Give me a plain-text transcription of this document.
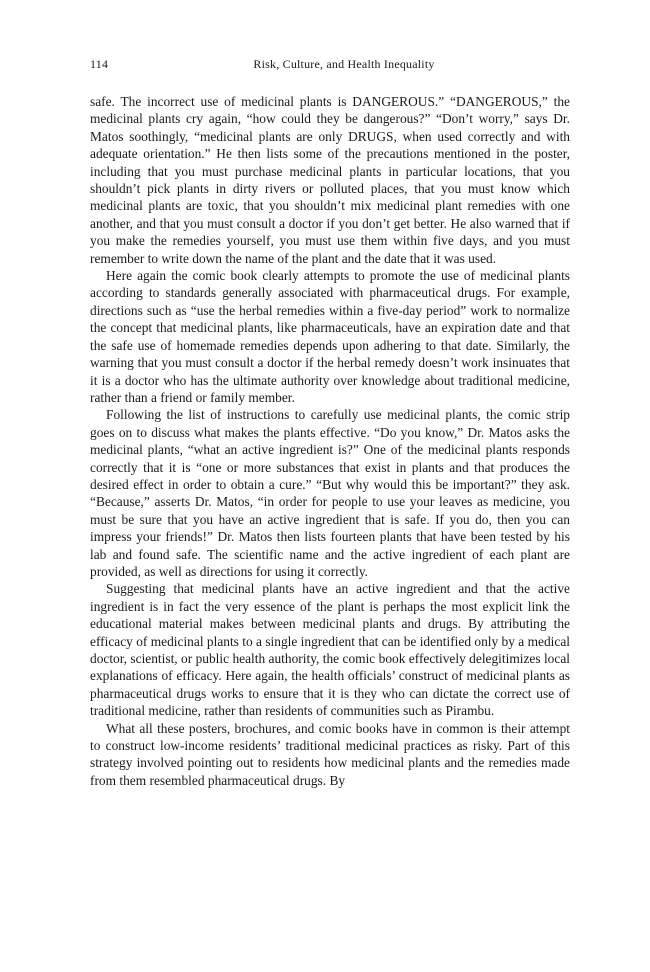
114	Risk, Culture, and Health Inequality

safe. The incorrect use of medicinal plants is DANGEROUS.” “DANGEROUS,” the medicinal plants cry again, “how could they be dangerous?” “Don’t worry,” says Dr. Matos soothingly, “medicinal plants are only DRUGS, when used correctly and with adequate orientation.” He then lists some of the precautions mentioned in the poster, including that you must purchase medicinal plants in particular locations, that you shouldn’t pick plants in dirty rivers or polluted places, that you must know which medicinal plants are toxic, that you shouldn’t mix medicinal plant remedies with one another, and that you must consult a doctor if you don’t get better. He also warned that if you make the remedies yourself, you must use them within five days, and you must remember to write down the name of the plant and the date that it was used.

Here again the comic book clearly attempts to promote the use of medicinal plants according to standards generally associated with pharmaceutical drugs. For example, directions such as “use the herbal remedies within a five-day period” work to normalize the concept that medicinal plants, like pharmaceuticals, have an expiration date and that the safe use of homemade remedies depends upon adhering to that date. Similarly, the warning that you must consult a doctor if the herbal remedy doesn’t work insinuates that it is a doctor who has the ultimate authority over knowledge about traditional medicine, rather than a friend or family member.

Following the list of instructions to carefully use medicinal plants, the comic strip goes on to discuss what makes the plants effective. “Do you know,” Dr. Matos asks the medicinal plants, “what an active ingredient is?” One of the medicinal plants responds correctly that it is “one or more substances that exist in plants and that produces the desired effect in order to obtain a cure.” “But why would this be important?” they ask. “Because,” asserts Dr. Matos, “in order for people to use your leaves as medicine, you must be sure that you have an active ingredient that is safe. If you do, then you can impress your friends!” Dr. Matos then lists fourteen plants that have been tested by his lab and found safe. The scientific name and the active ingredient of each plant are provided, as well as directions for using it correctly.

Suggesting that medicinal plants have an active ingredient and that the active ingredient is in fact the very essence of the plant is perhaps the most explicit link the educational material makes between medicinal plants and drugs. By attributing the efficacy of medicinal plants to a single ingredient that can be identified only by a medical doctor, scientist, or public health authority, the comic book effectively delegitimizes local explanations of efficacy. Here again, the health officials’ construct of medicinal plants as pharmaceutical drugs works to ensure that it is they who can dictate the correct use of traditional medicine, rather than residents of communities such as Pirambu.

What all these posters, brochures, and comic books have in common is their attempt to construct low-income residents’ traditional medicinal practices as risky. Part of this strategy involved pointing out to residents how medicinal plants and the remedies made from them resembled pharmaceutical drugs. By
